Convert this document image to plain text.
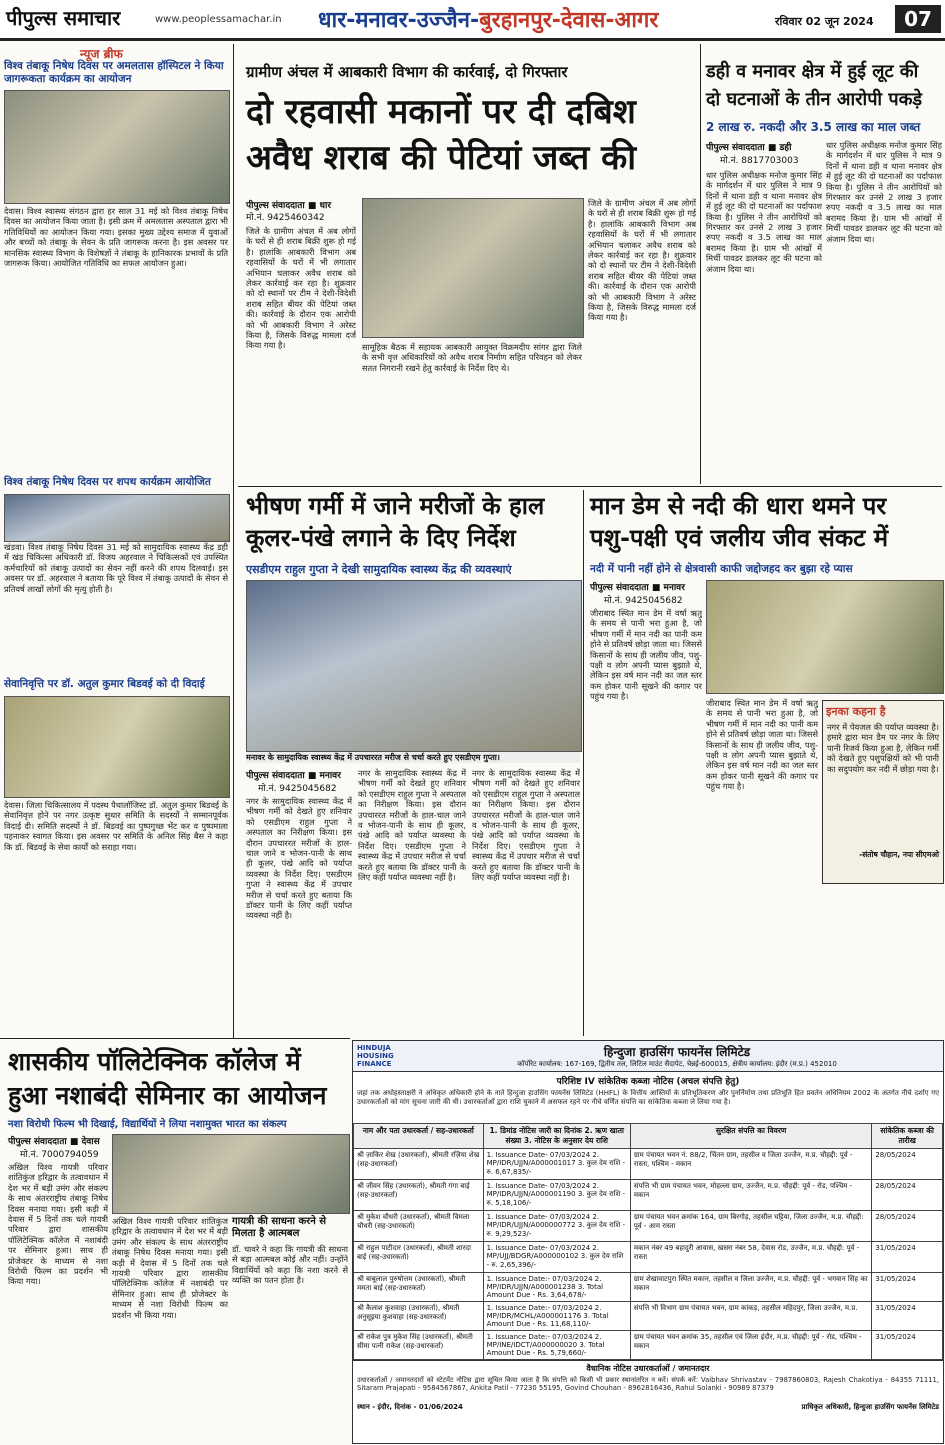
पीपुल्स समाचार	www.peoplessamachar.in धार-मनावर-उज्जैन-बुरहानपुर-देवास-आगर	रविवार 02 जून 2024	07
न्यूज ब्रीफ
विश्व तंबाकू निषेध दिवस पर अमलतास हॉस्पिटल ने किया जागरूकता कार्यक्रम का आयोजन
देवास। विश्व स्वास्थ्य संगठन द्वारा हर साल 31 मई को विश्व तंबाकू निषेध दिवस का आयोजन किया जाता है। इसी क्रम में अमलतास अस्पताल द्वारा भी गतिविधियों का आयोजन किया गया। इसका मुख्य उद्देश्य समाज में युवाओं और बच्चों को तंबाकू के सेवन के प्रति जागरूक करना है। इस अवसर पर मानसिक स्वास्थ्य विभाग के विशेषज्ञों ने तंबाकू के हानिकारक प्रभावों के प्रति जागरूक किया। आयोजित गतिविधि का सफल आयोजन हुआ।
विश्व तंबाकू निषेध दिवस पर शपथ कार्यक्रम आयोजित
खंडवा। विश्व तंबाकू निषेध दिवस 31 मई को सामुदायिक स्वास्थ्य केंद्र डही में खंड चिकित्सा अधिकारी डॉ. विजय अहरवाल ने चिकित्सकों एवं उपस्थित कर्मचारियों को तंबाकू उत्पादों का सेवन नहीं करने की शपथ दिलवाई। इस अवसर पर डॉ. अहरवाल ने बताया कि पूरे विश्व में तंबाकू उत्पादों के सेवन से प्रतिवर्ष लाखों लोगों की मृत्यु होती है।
सेवानिवृत्ति पर डॉ. अतुल कुमार बिडवई को दी विदाई
देवास। जिला चिकित्सालय में पदस्थ पैथालॉजिस्ट डॉ. अतुल कुमार बिडवई के सेवानिवृत्त होने पर नगर उत्कृष्ट सुधार समिति के सदस्यों ने सम्मानपूर्वक विदाई दी। समिति सदस्यों ने डॉ. बिडवई का पुष्पगुच्छ भेंट कर व पुष्पमाला पहनाकर स्वागत किया। इस अवसर पर समिति के अनिल सिंह बैस ने कहा कि डॉ. बिडवई के सेवा कार्यों को सराहा गया।
ग्रामीण अंचल में आबकारी विभाग की कार्रवाई, दो गिरफ्तार
दो रहवासी मकानों पर दी दबिश
अवैध शराब की पेटियां जब्त की
पीपुल्स संवाददाता ■ धार
मो.नं. 9425460342
जिले के ग्रामीण अंचल में अब लोगों के घरों से ही शराब बिक्री शुरू हो गई है। हालांकि आबकारी विभाग अब रहवासियों के घरों में भी लगातार अभियान चलाकर अवैध शराब को लेकर कार्रवाई कर रहा है। शुक्रवार को दो स्थानों पर टीम ने देशी-विदेशी शराब सहित बीयर की पेटियां जब्त की। कार्रवाई के दौरान एक आरोपी को भी आबकारी विभाग ने अरेस्ट किया है, जिसके विरुद्ध मामला दर्ज किया गया है।	सामूहिक बैठक में सहायक आबकारी आयुक्त विक्रमदीप सांगर द्वारा जिले के सभी वृत्त अधिकारियों को अवैध शराब निर्माण सहित परिवहन को लेकर सतत निगरानी रखने हेतु कार्रवाई के निर्देश दिए थे।
जिले के ग्रामीण अंचल में अब लोगों के घरों से ही शराब बिक्री शुरू हो गई है। हालांकि आबकारी विभाग अब रहवासियों के घरों में भी लगातार अभियान चलाकर अवैध शराब को लेकर कार्रवाई कर रहा है। शुक्रवार को दो स्थानों पर टीम ने देशी-विदेशी शराब सहित बीयर की पेटियां जब्त की। कार्रवाई के दौरान एक आरोपी को भी आबकारी विभाग ने अरेस्ट किया है, जिसके विरुद्ध मामला दर्ज किया गया है।
डही व मनावर क्षेत्र में हुई लूट की
दो घटनाओं के तीन आरोपी पकड़े
2 लाख रु. नकदी और 3.5 लाख का माल जब्त
पीपुल्स संवाददाता ■ डही
मो.नं. 8817703003
धार पुलिस अधीक्षक मनोज कुमार सिंह के मार्गदर्शन में धार पुलिस ने मात्र 9 दिनों में थाना डही व थाना मनावर क्षेत्र में हुई लूट की दो घटनाओं का पर्दाफाश किया है। पुलिस ने तीन आरोपियों को गिरफ्तार कर उनसे 2 लाख 3 हजार रुपए नकदी व 3.5 लाख का माल बरामद किया है। ग्राम भी आंखों में मिर्ची पावडर डालकर लूट की घटना को अंजाम दिया था।
धार पुलिस अधीक्षक मनोज कुमार सिंह के मार्गदर्शन में धार पुलिस ने मात्र 9 दिनों में थाना डही व थाना मनावर क्षेत्र में हुई लूट की दो घटनाओं का पर्दाफाश किया है। पुलिस ने तीन आरोपियों को गिरफ्तार कर उनसे 2 लाख 3 हजार रुपए नकदी व 3.5 लाख का माल बरामद किया है। ग्राम भी आंखों में मिर्ची पावडर डालकर लूट की घटना को अंजाम दिया था।
भीषण गर्मी में जाने मरीजों के हाल
कूलर-पंखे लगाने के दिए निर्देश
एसडीएम राहुल गुप्ता ने देखी सामुदायिक स्वास्थ्य केंद्र की व्यवस्थाएं
मनावर के सामुदायिक स्वास्थ्य केंद्र में उपचाररत मरीज से चर्चा करते हुए एसडीएम गुप्ता।
पीपुल्स संवाददाता ■ मनावर
मो.नं. 9425045682
नगर के सामुदायिक स्वास्थ्य केंद्र में भीषण गर्मी को देखते हुए शनिवार को एसडीएम राहुल गुप्ता ने अस्पताल का निरीक्षण किया। इस दौरान उपचाररत मरीजों के हाल-चाल जाने व भोजन-पानी के साथ ही कूलर, पंखे आदि को पर्याप्त व्यवस्था के निर्देश दिए। एसडीएम गुप्ता ने स्वास्थ्य केंद्र में उपचार मरीज से चर्चा करते हुए बताया कि डॉक्टर पानी के लिए कहीं पर्याप्त व्यवस्था नहीं है।
नगर के सामुदायिक स्वास्थ्य केंद्र में भीषण गर्मी को देखते हुए शनिवार को एसडीएम राहुल गुप्ता ने अस्पताल का निरीक्षण किया। इस दौरान उपचाररत मरीजों के हाल-चाल जाने व भोजन-पानी के साथ ही कूलर, पंखे आदि को पर्याप्त व्यवस्था के निर्देश दिए। एसडीएम गुप्ता ने स्वास्थ्य केंद्र में उपचार मरीज से चर्चा करते हुए बताया कि डॉक्टर पानी के लिए कहीं पर्याप्त व्यवस्था नहीं है।
नगर के सामुदायिक स्वास्थ्य केंद्र में भीषण गर्मी को देखते हुए शनिवार को एसडीएम राहुल गुप्ता ने अस्पताल का निरीक्षण किया। इस दौरान उपचाररत मरीजों के हाल-चाल जाने व भोजन-पानी के साथ ही कूलर, पंखे आदि को पर्याप्त व्यवस्था के निर्देश दिए। एसडीएम गुप्ता ने स्वास्थ्य केंद्र में उपचार मरीज से चर्चा करते हुए बताया कि डॉक्टर पानी के लिए कहीं पर्याप्त व्यवस्था नहीं है।
मान डेम से नदी की धारा थमने पर
पशु-पक्षी एवं जलीय जीव संकट में
नदी में पानी नहीं होने से क्षेत्रवासी काफी जद्दोजहद कर बुझा रहे प्यास
पीपुल्स संवाददाता ■ मनावर
मो.नं. 9425045682
जीराबाद स्थित मान डेम में वर्षा ऋतु के समय से पानी भरा हुआ है, जो भीषण गर्मी में मान नदी का पानी कम होने से प्रतिवर्ष छोड़ा जाता था। जिससे किसानों के साथ ही जलीय जीव, पशु-पक्षी व लोग अपनी प्यास बुझाते थे, लेकिन इस वर्ष मान नदी का जल स्तर कम होकर पानी सूखने की कगार पर पहुंच गया है।
जीराबाद स्थित मान डेम में वर्षा ऋतु के समय से पानी भरा हुआ है, जो भीषण गर्मी में मान नदी का पानी कम होने से प्रतिवर्ष छोड़ा जाता था। जिससे किसानों के साथ ही जलीय जीव, पशु-पक्षी व लोग अपनी प्यास बुझाते थे, लेकिन इस वर्ष मान नदी का जल स्तर कम होकर पानी सूखने की कगार पर पहुंच गया है।
इनका कहना है
नगर में पेयजल की पर्याप्त व्यवस्था है। हमारे द्वारा मान डैम पर नगर के लिए पानी रिजर्व किया हुआ है, लेकिन गर्मी को देखते हुए पशुपक्षियों को भी पानी का सदुपयोग कर नदी में छोड़ा गया है।
-संतोष चौहान, नपा सीएमओ
शासकीय पॉलिटेक्निक कॉलेज में
हुआ नशाबंदी सेमिनार का आयोजन
नशा विरोधी फिल्म भी दिखाई, विद्यार्थियों ने लिया नशामुक्त भारत का संकल्प
पीपुल्स संवाददाता ■ देवास
मो.नं. 7000794059
अखिल विश्व गायत्री परिवार शांतिकुंज हरिद्वार के तत्वावधान में देश भर में बड़ी उमंग और संकल्प के साथ अंतरराष्ट्रीय तंबाकू निषेध दिवस मनाया गया। इसी कड़ी में देवास में 5 दिनों तक चले गायत्री परिवार द्वारा शासकीय पॉलिटेक्निक कॉलेज में नशाबंदी पर सेमिनार हुआ। साथ ही प्रोजेक्टर के माध्यम से नशा विरोधी फिल्म का प्रदर्शन भी किया गया।
अखिल विश्व गायत्री परिवार शांतिकुंज हरिद्वार के तत्वावधान में देश भर में बड़ी उमंग और संकल्प के साथ अंतरराष्ट्रीय तंबाकू निषेध दिवस मनाया गया। इसी कड़ी में देवास में 5 दिनों तक चले गायत्री परिवार द्वारा शासकीय पॉलिटेक्निक कॉलेज में नशाबंदी पर सेमिनार हुआ। साथ ही प्रोजेक्टर के माध्यम से नशा विरोधी फिल्म का प्रदर्शन भी किया गया।
गायत्री की साधना करने से मिलता है आत्मबल
डॉ. चावरे ने कहा कि गायत्री की साधना से बड़ा आत्मबल कोई और नहीं। उन्होंने विद्यार्थियों को कहा कि नशा करने से व्यक्ति का पतन होता है।
HINDUJA HOUSING FINANCE
हिन्दुजा हाउसिंग फायनेंस लिमिटेड
कॉर्पोरेट कार्यालय: 167-169, द्वितीय तल, लिटिल माउंट सैदापेट, चेन्नई-600015, क्षेत्रीय कार्यालय: इंदौर (म.प्र.) 452010
परिशिष्ट IV सांकेतिक कब्जा नोटिस (अचल संपत्ति हेतु)
जहां तक अधोहस्ताक्षरी ने अधिकृत अधिकारी होने के नाते हिन्दुजा हाउसिंग फायनेंस लिमिटेड (HHFL) के वित्तीय आस्तियों के प्रतिभूतिकरण और पुनर्निर्माण तथा प्रतिभूति हित प्रवर्तन अधिनियम 2002 के अंतर्गत नीचे दर्शाए गए उधारकर्ताओं को मांग सूचना जारी की थी। उधारकर्ताओं द्वारा राशि चुकाने में असफल रहने पर नीचे वर्णित संपत्ति का सांकेतिक कब्जा ले लिया गया है।
नाम और पता उधारकर्ता / सह-उधारकर्ता	1. डिमांड नोटिस जारी का दिनांक 2. ऋण खाता संख्या 3. नोटिस के अनुसार देय राशि	सुरक्षित संपत्ति का विवरण	सांकेतिक कब्जा की तारीख
श्री ज़ाकिर शेख (उधारकर्ता), श्रीमती रज़िया शेख (सह-उधारकर्ता)	1. Issuance Date- 07/03/2024 2. MP/IDR/UJJN/A000001017 3. कुल देय राशि - रु. 6,67,835/-	ग्राम पंचायत भवन नं. 88/2, चिंतन ग्राम, तहसील व जिला उज्जैन, म.प्र. चौहद्दी: पूर्व - रास्ता, पश्चिम - मकान	28/05/2024
श्री जीवन सिंह (उधारकर्ता), श्रीमती गंगा बाई (सह-उधारकर्ता)	1. Issuance Date- 07/03/2024 2. MP/IDR/UJJN/A000001190 3. कुल देय राशि - रु. 5,18,106/-	संपत्ति भी ग्राम पंचायत भवन, मोहल्ला ग्राम, उज्जैन, म.प्र. चौहद्दी: पूर्व - रोड, पश्चिम - मकान	28/05/2024
श्री मुकेश चौधरी (उधारकर्ता), श्रीमती विमला चौधरी (सह-उधारकर्ता)	1. Issuance Date- 07/03/2024 2. MP/IDR/UJJN/A000000772 3. कुल देय राशि - रु. 9,29,523/-	ग्राम पंचायत भवन क्रमांक 164, ग्राम बिरगोड़, तहसील घट्टिया, जिला उज्जैन, म.प्र. चौहद्दी: पूर्व - आम रास्ता	28/05/2024
श्री राहुल पाटीदार (उधारकर्ता), श्रीमती शारदा बाई (सह-उधारकर्ता)	1. Issuance Date- 07/03/2024 2. MP/UJJ/BDGR/A000000102 3. कुल देय राशि - रु. 2,65,396/-	मकान नंबर 49 बहादुरी आवास, खसरा नंबर 58, देवास रोड, उज्जैन, म.प्र. चौहद्दी: पूर्व - रास्ता	31/05/2024
श्री बाबूलाल पुरुषोत्तम (उधारकर्ता), श्रीमती ममता बाई (सह-उधारकर्ता)	1. Issuance Date:- 07/03/2024 2. MP/IDR/UJJN/A000001238 3. Total Amount Due - Rs. 3,64,678/-	ग्राम शेखावाटपुरा स्थित मकान, तहसील व जिला उज्जैन, म.प्र. चौहद्दी: पूर्व - भगवान सिंह का मकान	31/05/2024
श्री कैलाश कुशवाहा (उधारकर्ता), श्रीमती अनुसूइया कुशवाहा (सह-उधारकर्ता)	1. Issuance Date:- 07/03/2024 2. MP/IDR/MCHL/A000001176 3. Total Amount Due - Rs. 11,68,110/-	संपत्ति भी विभाग ग्राम पंचायत भवन, ग्राम कांकड़, तहसील महिदपुर, जिला उज्जैन, म.प्र.	31/05/2024
श्री राकेश पुत्र मुकेश सिंह (उधारकर्ता), श्रीमती सीमा पत्नी राकेश (सह-उधारकर्ता)	1. Issuance Date:- 07/03/2024 2. MP/INE/IDCT/A000000020 3. Total Amount Due - Rs. 5,79,660/-	ग्राम पंचायत भवन क्रमांक 35, तहसील एवं जिला इंदौर, म.प्र. चौहद्दी: पूर्व - रोड, पश्चिम - मकान	31/05/2024
वैधानिक नोटिस उधारकर्ताओं / जमानतदार
उधारकर्ताओं / जमानतदारों को स्टेटमेंट नोटिस द्वारा सूचित किया जाता है कि संपत्ति को किसी भी प्रकार स्थानांतरित न करें। संपर्क करें: Vaibhav Shrivastav - 7987860803, Rajesh Chakotiya - 84355 71111, Sitaram Prajapati - 9584567867, Ankita Patil - 77230 55195, Govind Chouhan - 8962816436, Rahul Solanki - 90989 87379
स्थान - इंदौर, दिनांक - 01/06/2024	प्राधिकृत अधिकारी, हिन्दुजा हाउसिंग फायनेंस लिमिटेड
